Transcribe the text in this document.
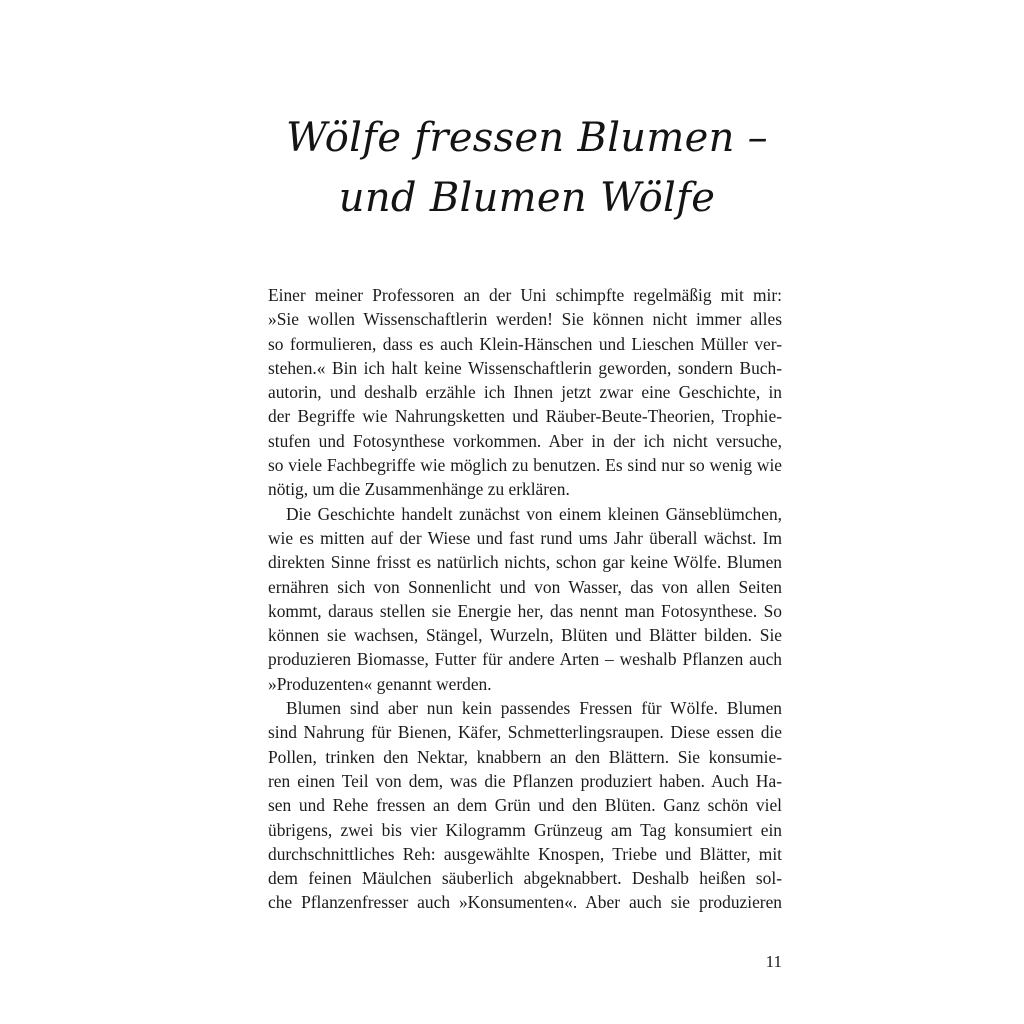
Wölfe fressen Blumen –
und Blumen Wölfe
Einer meiner Professoren an der Uni schimpfte regelmäßig mit mir:
»Sie wollen Wissenschaftlerin werden! Sie können nicht immer alles
so formulieren, dass es auch Klein-Hänschen und Lieschen Müller ver-
stehen.« Bin ich halt keine Wissenschaftlerin geworden, sondern Buch-
autorin, und deshalb erzähle ich Ihnen jetzt zwar eine Geschichte, in
der Begriffe wie Nahrungsketten und Räuber-Beute-Theorien, Trophie-
stufen und Fotosynthese vorkommen. Aber in der ich nicht versuche,
so viele Fachbegriffe wie möglich zu benutzen. Es sind nur so wenig wie
nötig, um die Zusammenhänge zu erklären.
Die Geschichte handelt zunächst von einem kleinen Gänseblümchen,
wie es mitten auf der Wiese und fast rund ums Jahr überall wächst. Im
direkten Sinne frisst es natürlich nichts, schon gar keine Wölfe. Blumen
ernähren sich von Sonnenlicht und von Wasser, das von allen Seiten
kommt, daraus stellen sie Energie her, das nennt man Fotosynthese. So
können sie wachsen, Stängel, Wurzeln, Blüten und Blätter bilden. Sie
produzieren Biomasse, Futter für andere Arten – weshalb Pflanzen auch
»Produzenten« genannt werden.
Blumen sind aber nun kein passendes Fressen für Wölfe. Blumen
sind Nahrung für Bienen, Käfer, Schmetterlingsraupen. Diese essen die
Pollen, trinken den Nektar, knabbern an den Blättern. Sie konsumie-
ren einen Teil von dem, was die Pflanzen produziert haben. Auch Ha-
sen und Rehe fressen an dem Grün und den Blüten. Ganz schön viel
übrigens, zwei bis vier Kilogramm Grünzeug am Tag konsumiert ein
durchschnittliches Reh: ausgewählte Knospen, Triebe und Blätter, mit
dem feinen Mäulchen säuberlich abgeknabbert. Deshalb heißen sol-
che Pflanzenfresser auch »Konsumenten«. Aber auch sie produzieren
11
